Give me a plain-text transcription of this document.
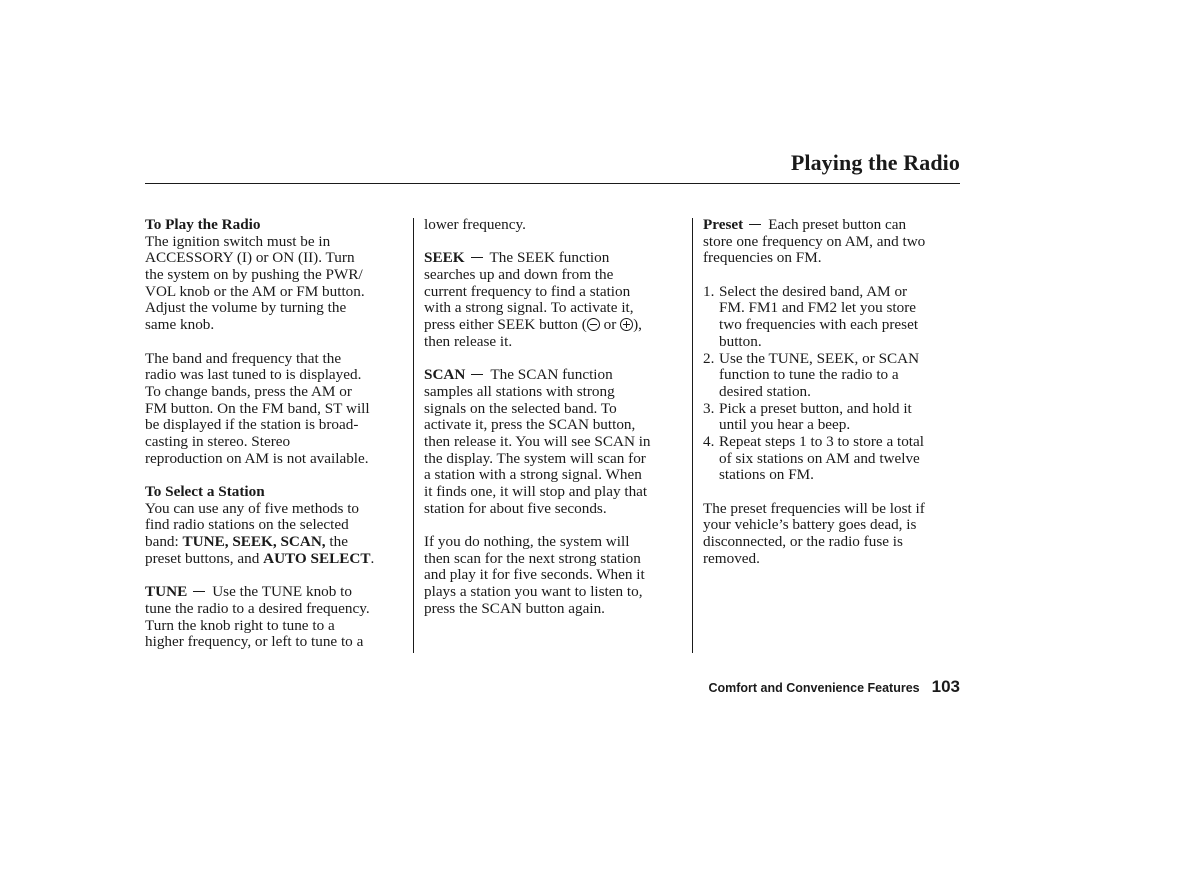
Playing the Radio
To Play the Radio
The ignition switch must be in
ACCESSORY (I) or ON (II). Turn
the system on by pushing the PWR/
VOL knob or the AM or FM button.
Adjust the volume by turning the
same knob.
The band and frequency that the
radio was last tuned to is displayed.
To change bands, press the AM or
FM button. On the FM band, ST will
be displayed if the station is broad-
casting in stereo. Stereo
reproduction on AM is not available.
To Select a Station
You can use any of five methods to
find radio stations on the selected
band: TUNE, SEEK, SCAN, the
preset buttons, and AUTO SELECT.
TUNE Use the TUNE knob to
tune the radio to a desired frequency.
Turn the knob right to tune to a
higher frequency, or left to tune to a
lower frequency.
SEEK The SEEK function
searches up and down from the
current frequency to find a station
with a strong signal. To activate it,
press either SEEK button (
or
),
then release it.
SCAN The SCAN function
samples all stations with strong
signals on the selected band. To
activate it, press the SCAN button,
then release it. You will see SCAN in
the display. The system will scan for
a station with a strong signal. When
it finds one, it will stop and play that
station for about five seconds.
If you do nothing, the system will
then scan for the next strong station
and play it for five seconds. When it
plays a station you want to listen to,
press the SCAN button again.
Preset Each preset button can
store one frequency on AM, and two
frequencies on FM.
1. Select the desired band, AM or
FM. FM1 and FM2 let you store
two frequencies with each preset
button.
2. Use the TUNE, SEEK, or SCAN
function to tune the radio to a
desired station.
3. Pick a preset button, and hold it
until you hear a beep.
4. Repeat steps 1 to 3 to store a total
of six stations on AM and twelve
stations on FM.
The preset frequencies will be lost if
your vehicle’s battery goes dead, is
disconnected, or the radio fuse is
removed.
Comfort and Convenience Features 103
